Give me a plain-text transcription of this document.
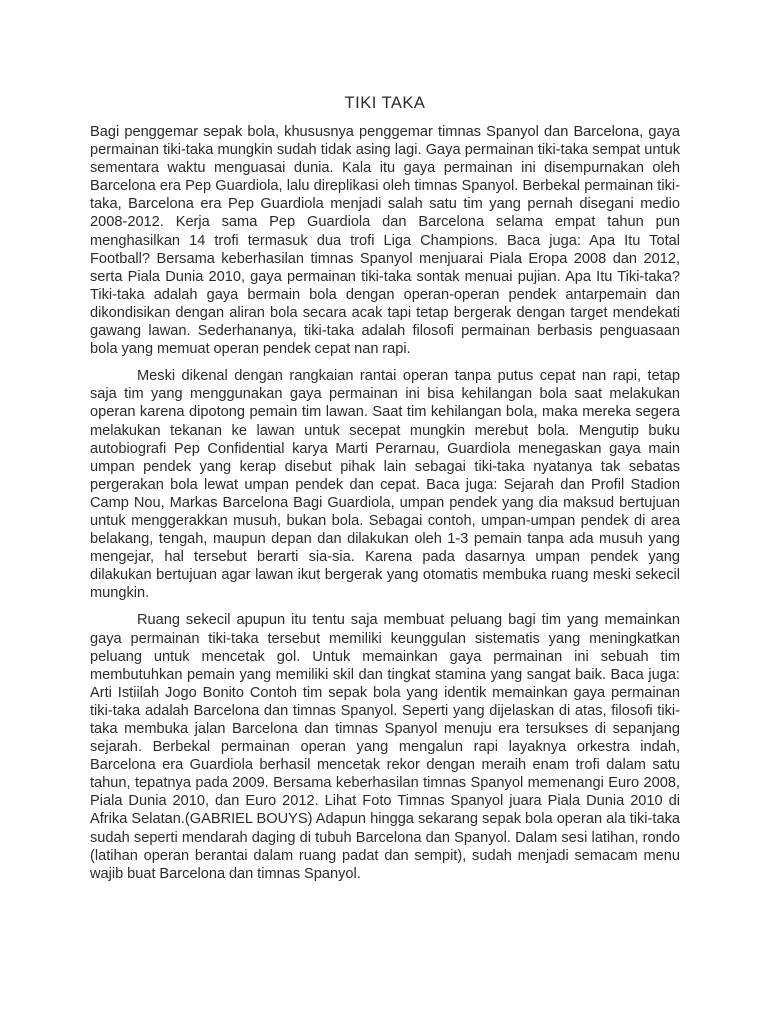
TIKI TAKA

Bagi penggemar sepak bola, khususnya penggemar timnas Spanyol dan Barcelona, gaya permainan tiki-taka mungkin sudah tidak asing lagi. Gaya permainan tiki-taka sempat untuk sementara waktu menguasai dunia. Kala itu gaya permainan ini disempurnakan oleh Barcelona era Pep Guardiola, lalu direplikasi oleh timnas Spanyol. Berbekal permainan tiki-taka, Barcelona era Pep Guardiola menjadi salah satu tim yang pernah disegani medio 2008-2012. Kerja sama Pep Guardiola dan Barcelona selama empat tahun pun menghasilkan 14 trofi termasuk dua trofi Liga Champions. Baca juga: Apa Itu Total Football? Bersama keberhasilan timnas Spanyol menjuarai Piala Eropa 2008 dan 2012, serta Piala Dunia 2010, gaya permainan tiki-taka sontak menuai pujian. Apa Itu Tiki-taka? Tiki-taka adalah gaya bermain bola dengan operan-operan pendek antarpemain dan dikondisikan dengan aliran bola secara acak tapi tetap bergerak dengan target mendekati gawang lawan. Sederhananya, tiki-taka adalah filosofi permainan berbasis penguasaan bola yang memuat operan pendek cepat nan rapi.

Meski dikenal dengan rangkaian rantai operan tanpa putus cepat nan rapi, tetap saja tim yang menggunakan gaya permainan ini bisa kehilangan bola saat melakukan operan karena dipotong pemain tim lawan. Saat tim kehilangan bola, maka mereka segera melakukan tekanan ke lawan untuk secepat mungkin merebut bola. Mengutip buku autobiografi Pep Confidential karya Marti Perarnau, Guardiola menegaskan gaya main umpan pendek yang kerap disebut pihak lain sebagai tiki-taka nyatanya tak sebatas pergerakan bola lewat umpan pendek dan cepat. Baca juga: Sejarah dan Profil Stadion Camp Nou, Markas Barcelona Bagi Guardiola, umpan pendek yang dia maksud bertujuan untuk menggerakkan musuh, bukan bola. Sebagai contoh, umpan-umpan pendek di area belakang, tengah, maupun depan dan dilakukan oleh 1-3 pemain tanpa ada musuh yang mengejar, hal tersebut berarti sia-sia. Karena pada dasarnya umpan pendek yang dilakukan bertujuan agar lawan ikut bergerak yang otomatis membuka ruang meski sekecil mungkin.

Ruang sekecil apupun itu tentu saja membuat peluang bagi tim yang memainkan gaya permainan tiki-taka tersebut memiliki keunggulan sistematis yang meningkatkan peluang untuk mencetak gol. Untuk memainkan gaya permainan ini sebuah tim membutuhkan pemain yang memiliki skil dan tingkat stamina yang sangat baik. Baca juga: Arti Istiilah Jogo Bonito Contoh tim sepak bola yang identik memainkan gaya permainan tiki-taka adalah Barcelona dan timnas Spanyol. Seperti yang dijelaskan di atas, filosofi tiki-taka membuka jalan Barcelona dan timnas Spanyol menuju era tersukses di sepanjang sejarah. Berbekal permainan operan yang mengalun rapi layaknya orkestra indah, Barcelona era Guardiola berhasil mencetak rekor dengan meraih enam trofi dalam satu tahun, tepatnya pada 2009. Bersama keberhasilan timnas Spanyol memenangi Euro 2008, Piala Dunia 2010, dan Euro 2012. Lihat Foto Timnas Spanyol juara Piala Dunia 2010 di Afrika Selatan.(GABRIEL BOUYS) Adapun hingga sekarang sepak bola operan ala tiki-taka sudah seperti mendarah daging di tubuh Barcelona dan Spanyol. Dalam sesi latihan, rondo (latihan operan berantai dalam ruang padat dan sempit), sudah menjadi semacam menu wajib buat Barcelona dan timnas Spanyol.
